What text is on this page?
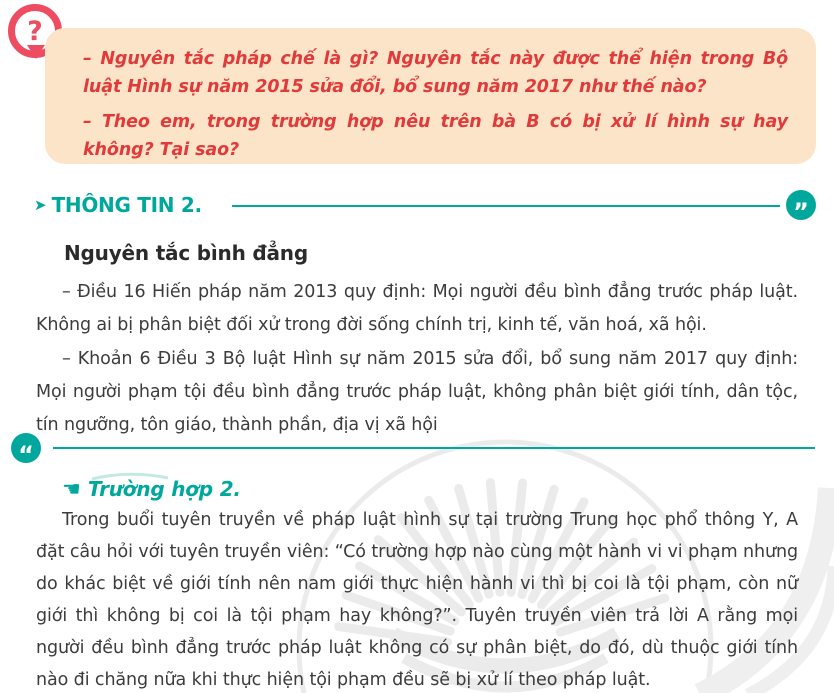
?

– Nguyên tắc pháp chế là gì? Nguyên tắc này được thể hiện trong Bộ luật Hình sự năm 2015 sửa đổi, bổ sung năm 2017 như thế nào?

– Theo em, trong trường hợp nêu trên bà B có bị xử lí hình sự hay không? Tại sao?

➤ THÔNG TIN 2.	”
Nguyên tắc bình đẳng

– Điều 16 Hiến pháp năm 2013 quy định: Mọi người đều bình đẳng trước pháp luật. Không ai bị phân biệt đối xử trong đời sống chính trị, kinh tế, văn hoá, xã hội.

– Khoản 6 Điều 3 Bộ luật Hình sự năm 2015 sửa đổi, bổ sung năm 2017 quy định: Mọi người phạm tội đều bình đẳng trước pháp luật, không phân biệt giới tính, dân tộc, tín ngưỡng, tôn giáo, thành phần, địa vị xã hội

“
☚ Trường hợp 2.

Trong buổi tuyên truyền về pháp luật hình sự tại trường Trung học phổ thông Y, A đặt câu hỏi với tuyên truyền viên: “Có trường hợp nào cùng một hành vi vi phạm nhưng do khác biệt về giới tính nên nam giới thực hiện hành vi thì bị coi là tội phạm, còn nữ giới thì không bị coi là tội phạm hay không?”. Tuyên truyền viên trả lời A rằng mọi người đều bình đẳng trước pháp luật không có sự phân biệt, do đó, dù thuộc giới tính nào đi chăng nữa khi thực hiện tội phạm đều sẽ bị xử lí theo pháp luật.
